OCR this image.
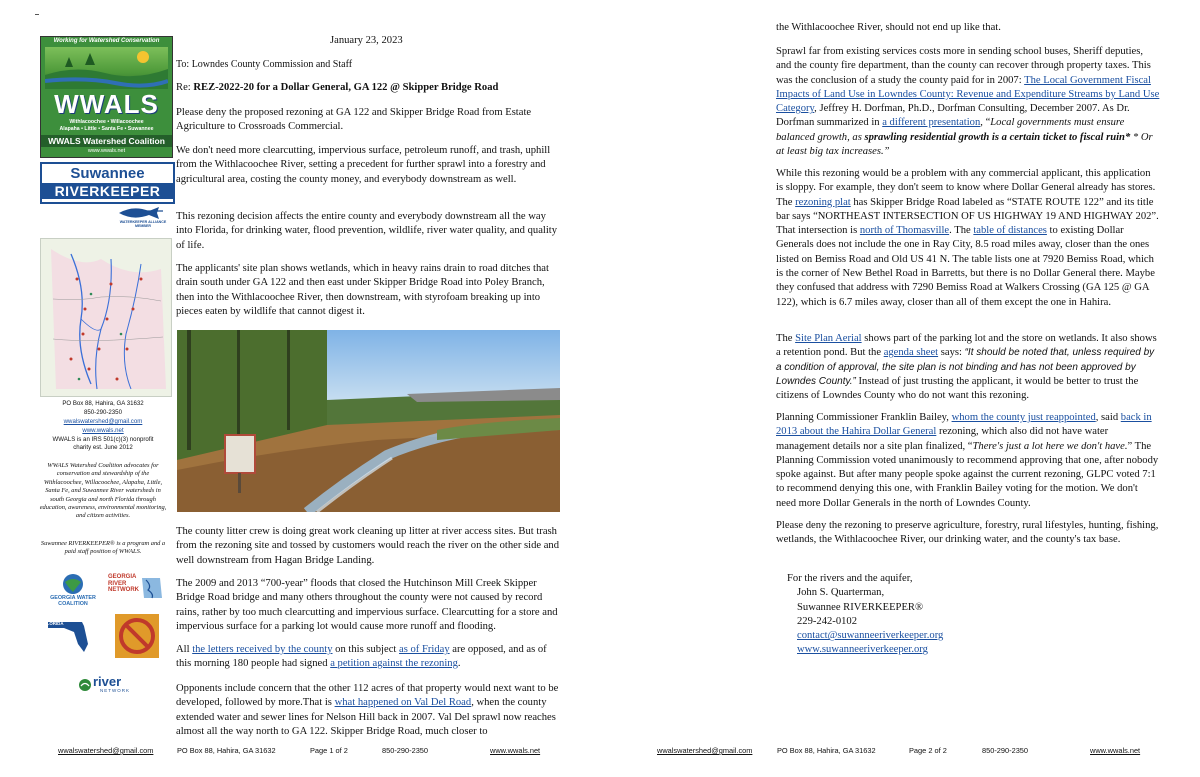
Working for Watershed Conservation
WWALS
Withlacoochee • Willacoochee
Alapaha • Little • Santa Fe • Suwannee
WWALS Watershed Coalition
www.wwals.net
Suwannee
RIVERKEEPER
WATERKEEPER ALLIANCE MEMBER
PO Box 88, Hahira, GA 31632
850-290-2350
wwalswatershed@gmail.com
www.wwals.net
WWALS is an IRS 501(c)(3) nonprofit charity est. June 2012
WWALS Watershed Coalition advocates for conservation and stewardship of the Withlacoochee, Willacoochee, Alapaha, Little, Santa Fe, and Suwannee River watersheds in south Georgia and north Florida through education, awareness, environmental monitoring, and citizen activities.
Suwannee RIVERKEEPER® is a program and a paid staff position of WWALS.
GEORGIA WATER COALITION
GEORGIA RIVER NETWORK
WATERKEEPERS FLORIDA
river
NETWORK
January 23, 2023
To: Lowndes County Commission and Staff
Re: REZ-2022-20 for a Dollar General, GA 122 @ Skipper Bridge Road
Please deny the proposed rezoning at GA 122 and Skipper Bridge Road from Estate Agriculture to Crossroads Commercial.
We don't need more clearcutting, impervious surface, petroleum runoff, and trash, uphill from the Withlacoochee River, setting a precedent for further sprawl into a forestry and agricultural area, costing the county money, and everybody downstream as well.
This rezoning decision affects the entire county and everybody downstream all the way into Florida, for drinking water, flood prevention, wildlife, river water quality, and quality of life.
The applicants' site plan shows wetlands, which in heavy rains drain to road ditches that drain south under GA 122 and then east under Skipper Bridge Road into Poley Branch, then into the Withlacoochee River, then downstream, with styrofoam breaking up into pieces eaten by wildlife that cannot digest it.
The county litter crew is doing great work cleaning up litter at river access sites. But trash from the rezoning site and tossed by customers would reach the river on the other side and well downstream from Hagan Bridge Landing.
The 2009 and 2013 “700-year” floods that closed the Hutchinson Mill Creek Skipper Bridge Road bridge and many others throughout the county were not caused by record rains, rather by too much clearcutting and impervious surface. Clearcutting for a store and impervious surface for a parking lot would cause more runoff and flooding.
All the letters received by the county on this subject as of Friday are opposed, and as of this morning 180 people had signed a petition against the rezoning.
Opponents include concern that the other 112 acres of that property would next want to be developed, followed by more.That is what happened on Val Del Road, when the county extended water and sewer lines for Nelson Hill back in 2007. Val Del sprawl now reaches almost all the way north to GA 122. Skipper Bridge Road, much closer to
wwalswatershed@gmail.com	PO Box 88, Hahira, GA 31632	Page 1 of 2	850-290-2350	www.wwals.net
the Withlacoochee River, should not end up like that.
Sprawl far from existing services costs more in sending school buses, Sheriff deputies, and the county fire department, than the county can recover through property taxes. This was the conclusion of a study the county paid for in 2007: The Local Government Fiscal Impacts of Land Use in Lowndes County: Revenue and Expenditure Streams by Land Use Category, Jeffrey H. Dorfman, Ph.D., Dorfman Consulting, December 2007. As Dr. Dorfman summarized in a different presentation, “Local governments must ensure balanced growth, as sprawling residential growth is a certain ticket to fiscal ruin* * Or at least big tax increases.”
While this rezoning would be a problem with any commercial applicant, this application is sloppy. For example, they don't seem to know where Dollar General already has stores. The rezoning plat has Skipper Bridge Road labeled as “STATE ROUTE 122” and its title bar says “NORTHEAST INTERSECTION OF US HIGHWAY 19 AND HIGHWAY 202”. That intersection is north of Thomasville. The table of distances to existing Dollar Generals does not include the one in Ray City, 8.5 road miles away, closer than the ones listed on Bemiss Road and Old US 41 N. The table lists one at 7920 Bemiss Road, which is the corner of New Bethel Road in Barretts, but there is no Dollar General there. Maybe they confused that address with 7290 Bemiss Road at Walkers Crossing (GA 125 @ GA 122), which is 6.7 miles away, closer than all of them except the one in Hahira.
The Site Plan Aerial shows part of the parking lot and the store on wetlands. It also shows a retention pond. But the agenda sheet says: “It should be noted that, unless required by a condition of approval, the site plan is not binding and has not been approved by Lowndes County.” Instead of just trusting the applicant, it would be better to trust the citizens of Lowndes County who do not want this rezoning.
Planning Commissioner Franklin Bailey, whom the county just reappointed, said back in 2013 about the Hahira Dollar General rezoning, which also did not have water management details nor a site plan finalized, “There's just a lot here we don't have.” The Planning Commission voted unanimously to recommend approving that one, after nobody spoke against. But after many people spoke against the current rezoning, GLPC voted 7:1 to recommend denying this one, with Franklin Bailey voting for the motion. We don't need more Dollar Generals in the north of Lowndes County.
Please deny the rezoning to preserve agriculture, forestry, rural lifestyles, hunting, fishing, wetlands, the Withlacoochee River, our drinking water, and the county's tax base.
For the rivers and the aquifer,
John S. Quarterman,
Suwannee RIVERKEEPER®
229-242-0102
contact@suwanneeriverkeeper.org
www.suwanneeriverkeeper.org
wwalswatershed@gmail.com	PO Box 88, Hahira, GA 31632	Page 2 of 2	850-290-2350	www.wwals.net
